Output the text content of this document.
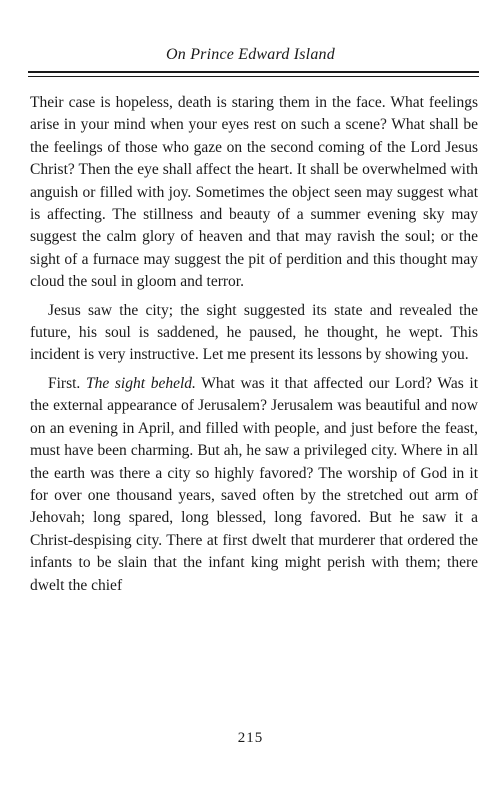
On Prince Edward Island

Their case is hopeless, death is staring them in the face. What feelings arise in your mind when your eyes rest on such a scene? What shall be the feelings of those who gaze on the second coming of the Lord Jesus Christ? Then the eye shall affect the heart. It shall be overwhelmed with anguish or filled with joy. Sometimes the object seen may suggest what is affecting. The stillness and beauty of a summer evening sky may suggest the calm glory of heaven and that may ravish the soul; or the sight of a furnace may suggest the pit of perdition and this thought may cloud the soul in gloom and terror.

Jesus saw the city; the sight suggested its state and revealed the future, his soul is saddened, he paused, he thought, he wept. This incident is very instructive. Let me present its lessons by showing you.

First. The sight beheld. What was it that affected our Lord? Was it the external appearance of Jerusalem? Jerusalem was beautiful and now on an evening in April, and filled with people, and just before the feast, must have been charming. But ah, he saw a privileged city. Where in all the earth was there a city so highly favored? The worship of God in it for over one thousand years, saved often by the stretched out arm of Jehovah; long spared, long blessed, long favored. But he saw it a Christ-despising city. There at first dwelt that murderer that ordered the infants to be slain that the infant king might perish with them; there dwelt the chief

215
